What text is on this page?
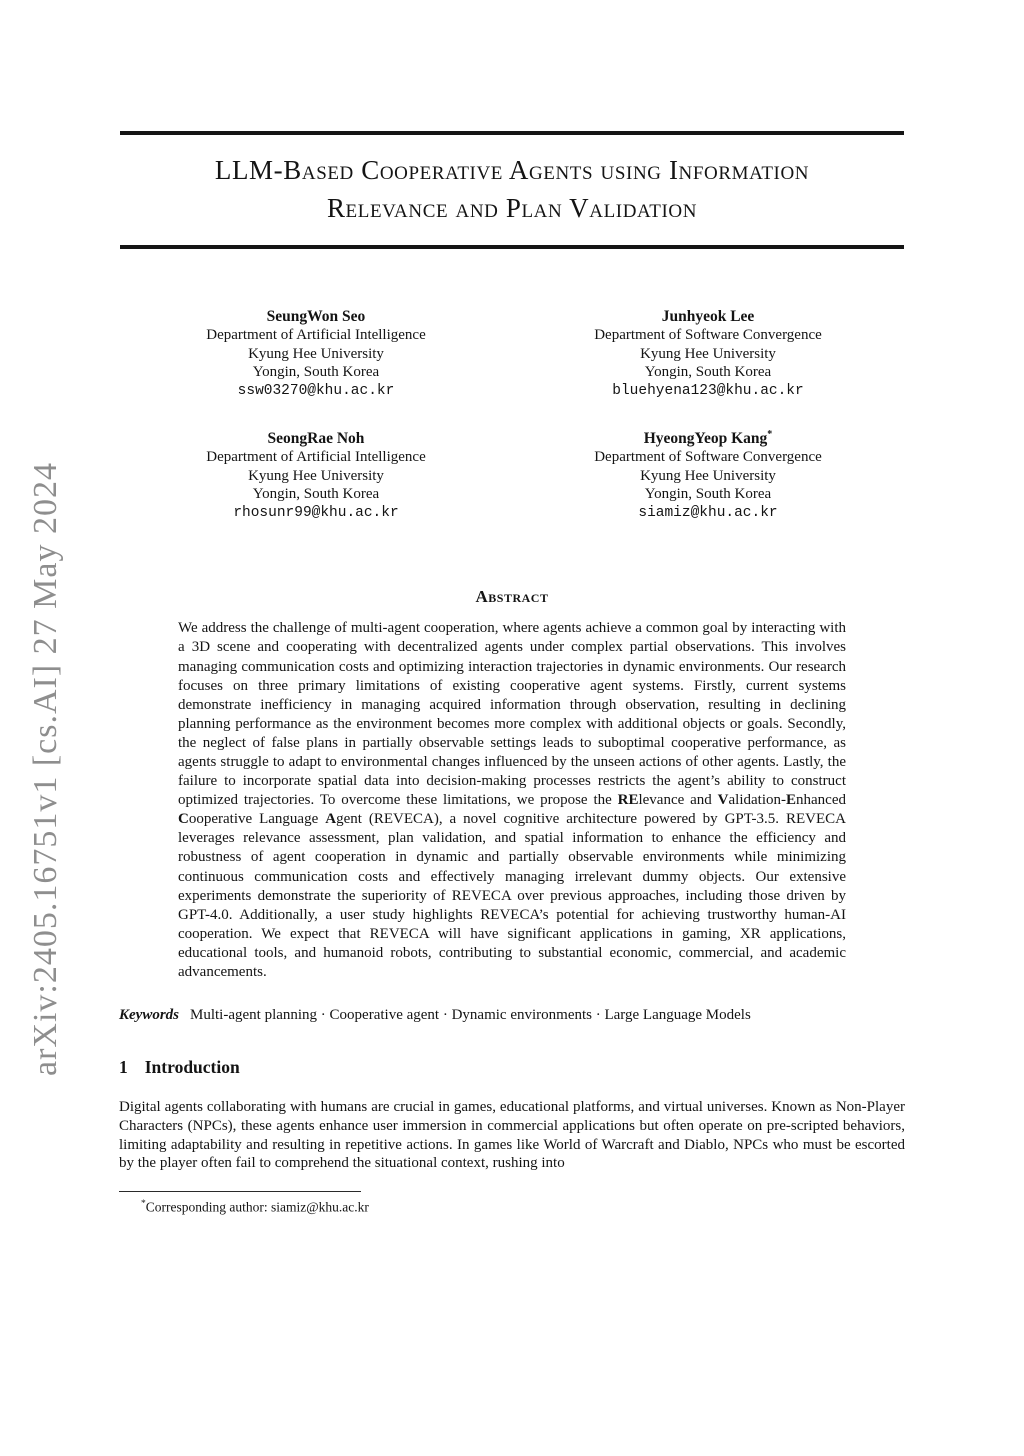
arXiv:2405.16751v1 [cs.AI] 27 May 2024
LLM-Based Cooperative Agents using Information
Relevance and Plan Validation
SeungWon Seo
Department of Artificial Intelligence
Kyung Hee University
Yongin, South Korea
ssw03270@khu.ac.kr
Junhyeok Lee
Department of Software Convergence
Kyung Hee University
Yongin, South Korea
bluehyena123@khu.ac.kr
SeongRae Noh
Department of Artificial Intelligence
Kyung Hee University
Yongin, South Korea
rhosunr99@khu.ac.kr
HyeongYeop Kang*
Department of Software Convergence
Kyung Hee University
Yongin, South Korea
siamiz@khu.ac.kr
Abstract

We address the challenge of multi-agent cooperation, where agents achieve a common goal by interacting with a 3D scene and cooperating with decentralized agents under complex partial observations. This involves managing communication costs and optimizing interaction trajectories in dynamic environments. Our research focuses on three primary limitations of existing cooperative agent systems. Firstly, current systems demonstrate inefficiency in managing acquired information through observation, resulting in declining planning performance as the environment becomes more complex with additional objects or goals. Secondly, the neglect of false plans in partially observable settings leads to suboptimal cooperative performance, as agents struggle to adapt to environmental changes influenced by the unseen actions of other agents. Lastly, the failure to incorporate spatial data into decision-making processes restricts the agent’s ability to construct optimized trajectories. To overcome these limitations, we propose the RElevance and Validation-Enhanced Cooperative Language Agent (REVECA), a novel cognitive architecture powered by GPT-3.5. REVECA leverages relevance assessment, plan validation, and spatial information to enhance the efficiency and robustness of agent cooperation in dynamic and partially observable environments while minimizing continuous communication costs and effectively managing irrelevant dummy objects. Our extensive experiments demonstrate the superiority of REVECA over previous approaches, including those driven by GPT-4.0. Additionally, a user study highlights REVECA’s potential for achieving trustworthy human-AI cooperation. We expect that REVECA will have significant applications in gaming, XR applications, educational tools, and humanoid robots, contributing to substantial economic, commercial, and academic advancements.

Keywords Multi-agent planning · Cooperative agent · Dynamic environments · Large Language Models

1 Introduction

Digital agents collaborating with humans are crucial in games, educational platforms, and virtual universes. Known as Non-Player Characters (NPCs), these agents enhance user immersion in commercial applications but often operate on pre-scripted behaviors, limiting adaptability and resulting in repetitive actions. In games like World of Warcraft and Diablo, NPCs who must be escorted by the player often fail to comprehend the situational context, rushing into

*Corresponding author: siamiz@khu.ac.kr
